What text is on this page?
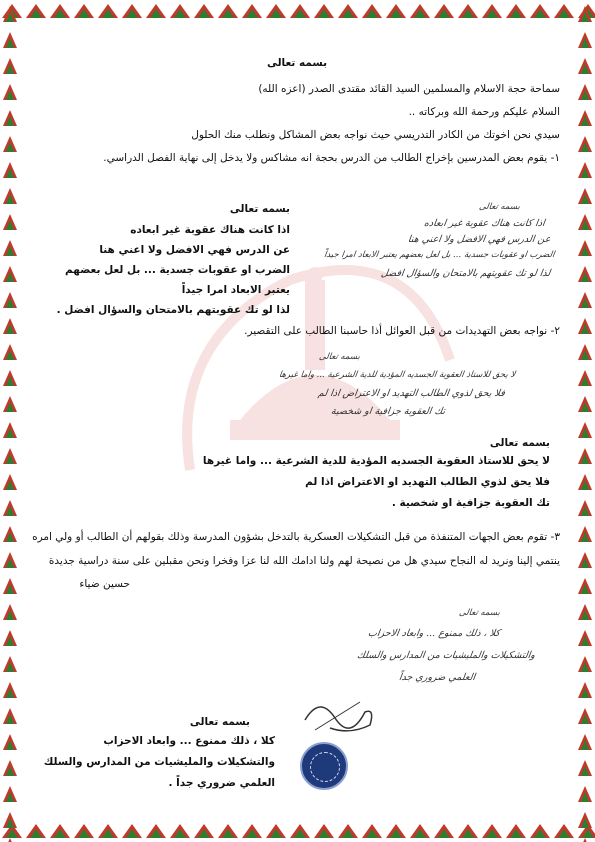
بسمه تعالى
سماحة حجة الاسلام والمسلمين السيد القائد مقتدى الصدر (اعزه الله)
السلام عليكم ورحمة الله وبركاته ..
سيدي نحن اخوتك من الكادر التدريسي حيث نواجه بعض المشاكل ونطلب منك الحلول
١- يقوم بعض المدرسين بإخراج الطالب من الدرس بحجة انه مشاكس ولا يدخل إلى نهاية الفصل الدراسي.
بسمه تعالى
اذا كانت هناك عقوبة غير ابعاده
عن الدرس فهي الافضل ولا اعني هنا
الضرب او عقوبات جسدية ... بل لعل بعضهم يعتبر الابعاد امرا جيداً
لذا لو تك عقوبتهم بالامتحان والسؤال افضل
بسمه تعالى
اذا كانت هناك عقوبة غير ابعاده
عن الدرس فهي الافضل ولا اعني هنا
الضرب او عقوبات جسدية ... بل لعل بعضهم
يعتبر الابعاد امرا جيداً
لذا لو تك عقوبتهم بالامتحان والسؤال افضل .
٢- نواجه بعض التهديدات من قبل العوائل أذا حاسبنا الطالب على التقصير.
بسمه تعالى
لا يحق للاستاذ العقوبة الجسديه المؤدية للدية الشرعية ... واما غيرها
فلا يحق لذوي الطالب التهديد او الاعتراض اذا لم
تك العقوبة جزافية او شخصية
بسمه تعالى
لا يحق للاستاذ العقوبة الجسديه المؤدية للدية الشرعية ... واما غيرها
فلا يحق لذوي الطالب التهديد او الاعتراض اذا لم
تك العقوبة جزافية او شخصية .
٣- تقوم بعض الجهات المتنفذة من قبل التشكيلات العسكرية بالتدخل بشؤون المدرسة وذلك بقولهم أن الطالب أو ولي امره
ينتمي إلينا ونريد له النجاح سيدي هل من نصيحة لهم ولنا ادامك الله لنا عزا وفخرا ونحن مقبلين على سنة دراسية جديدة
حسين ضياء
بسمه تعالى
كلا ، ذلك ممنوع ... وابعاد الاحزاب
والتشكيلات والمليشيات من المدارس والسلك
العلمي ضروري جداً
بسمه تعالى
كلا ، ذلك ممنوع ... وابعاد الاحزاب
والتشكيلات والمليشيات من المدارس والسلك
العلمي ضروري جداً .
